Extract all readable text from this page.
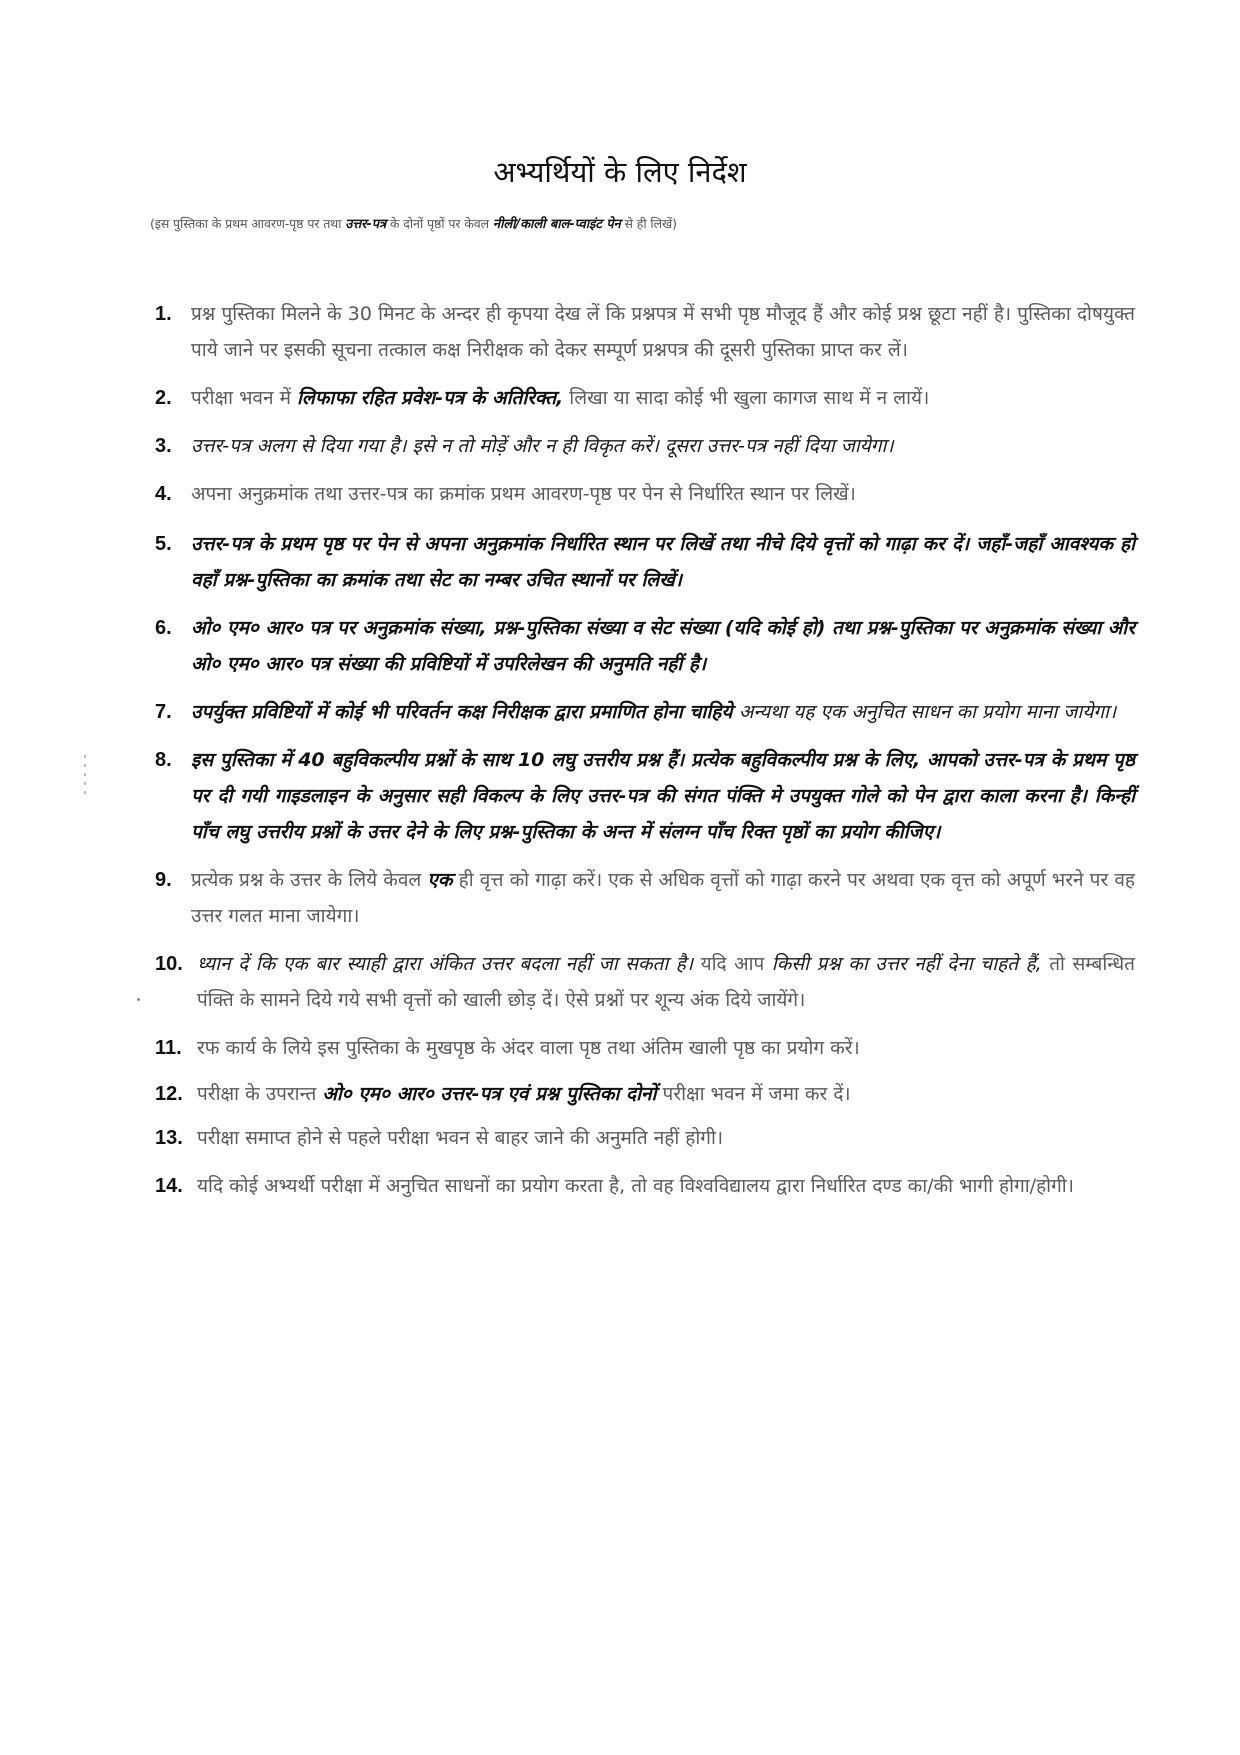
अभ्यर्थियों के लिए निर्देश
(इस पुस्तिका के प्रथम आवरण-पृष्ठ पर तथा उत्तर-पत्र के दोनों पृष्ठों पर केवल नीली/काली बाल-प्वाइंट पेन से ही लिखें)
1. प्रश्न पुस्तिका मिलने के 30 मिनट के अन्दर ही कृपया देख लें कि प्रश्नपत्र में सभी पृष्ठ मौजूद हैं और कोई प्रश्न छूटा नहीं है। पुस्तिका दोषयुक्त पाये जाने पर इसकी सूचना तत्काल कक्ष निरीक्षक को देकर सम्पूर्ण प्रश्नपत्र की दूसरी पुस्तिका प्राप्त कर लें।
2. परीक्षा भवन में लिफाफा रहित प्रवेश-पत्र के अतिरिक्त, लिखा या सादा कोई भी खुला कागज साथ में न लायें।
3. उत्तर-पत्र अलग से दिया गया है। इसे न तो मोड़ें और न ही विकृत करें। दूसरा उत्तर-पत्र नहीं दिया जायेगा।
4. अपना अनुक्रमांक तथा उत्तर-पत्र का क्रमांक प्रथम आवरण-पृष्ठ पर पेन से निर्धारित स्थान पर लिखें।
5. उत्तर-पत्र के प्रथम पृष्ठ पर पेन से अपना अनुक्रमांक निर्धारित स्थान पर लिखें तथा नीचे दिये वृत्तों को गाढ़ा कर दें। जहाँ-जहाँ आवश्यक हो वहाँ प्रश्न-पुस्तिका का क्रमांक तथा सेट का नम्बर उचित स्थानों पर लिखें।
6. ओ० एम० आर० पत्र पर अनुक्रमांक संख्या, प्रश्न-पुस्तिका संख्या व सेट संख्या (यदि कोई हो) तथा प्रश्न-पुस्तिका पर अनुक्रमांक संख्या और ओ० एम० आर० पत्र संख्या की प्रविष्टियों में उपरिलेखन की अनुमति नहीं है।
7. उपर्युक्त प्रविष्टियों में कोई भी परिवर्तन कक्ष निरीक्षक द्वारा प्रमाणित होना चाहिये अन्यथा यह एक अनुचित साधन का प्रयोग माना जायेगा।
8. इस पुस्तिका में 40 बहुविकल्पीय प्रश्नों के साथ 10 लघु उत्तरीय प्रश्न हैं। प्रत्येक बहुविकल्पीय प्रश्न के लिए, आपको उत्तर-पत्र के प्रथम पृष्ठ पर दी गयी गाइडलाइन के अनुसार सही विकल्प के लिए उत्तर-पत्र की संगत पंक्ति मे उपयुक्त गोले को पेन द्वारा काला करना है। किन्हीं पाँच लघु उत्तरीय प्रश्नों के उत्तर देने के लिए प्रश्न-पुस्तिका के अन्त में संलग्न पाँच रिक्त पृष्ठों का प्रयोग कीजिए।
9. प्रत्येक प्रश्न के उत्तर के लिये केवल एक ही वृत्त को गाढ़ा करें। एक से अधिक वृत्तों को गाढ़ा करने पर अथवा एक वृत्त को अपूर्ण भरने पर वह उत्तर गलत माना जायेगा।
10. ध्यान दें कि एक बार स्याही द्वारा अंकित उत्तर बदला नहीं जा सकता है। यदि आप किसी प्रश्न का उत्तर नहीं देना चाहते हैं, तो सम्बन्धित पंक्ति के सामने दिये गये सभी वृत्तों को खाली छोड़ दें। ऐसे प्रश्नों पर शून्य अंक दिये जायेंगे।
11. रफ कार्य के लिये इस पुस्तिका के मुखपृष्ठ के अंदर वाला पृष्ठ तथा अंतिम खाली पृष्ठ का प्रयोग करें।
12. परीक्षा के उपरान्त ओ० एम० आर० उत्तर-पत्र एवं प्रश्न पुस्तिका दोनों परीक्षा भवन में जमा कर दें।
13. परीक्षा समाप्त होने से पहले परीक्षा भवन से बाहर जाने की अनुमति नहीं होगी।
14. यदि कोई अभ्यर्थी परीक्षा में अनुचित साधनों का प्रयोग करता है, तो वह विश्वविद्यालय द्वारा निर्धारित दण्ड का/की भागी होगा/होगी।
